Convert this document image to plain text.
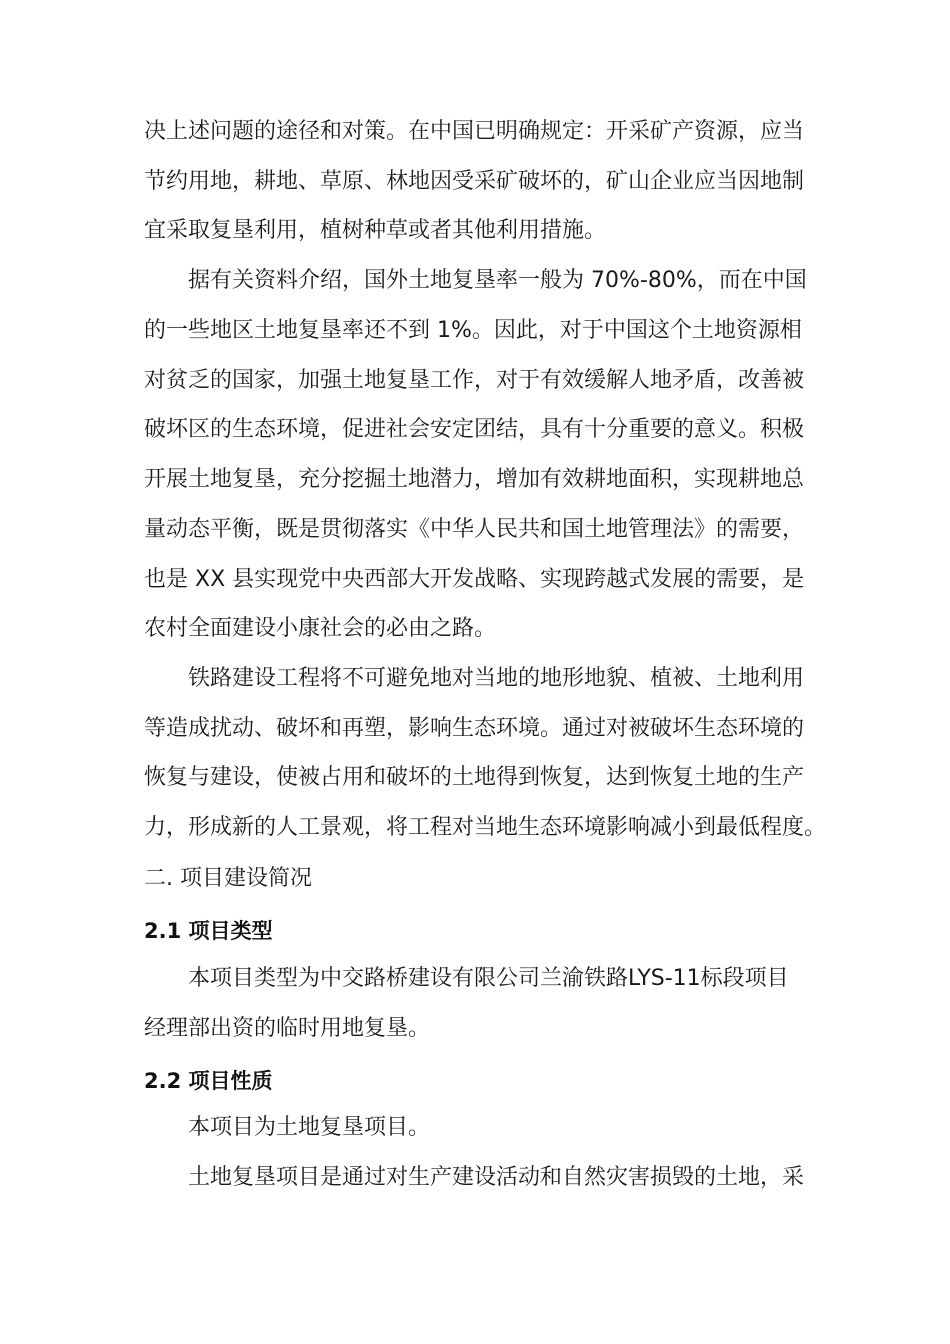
决上述问题的途径和对策。在中国已明确规定：开采矿产资源，应当
节约用地，耕地、草原、林地因受采矿破坏的，矿山企业应当因地制
宜采取复垦利用，植树种草或者其他利用措施。
据有关资料介绍，国外土地复垦率一般为 70%-80%，而在中国
的一些地区土地复垦率还不到 1%。因此，对于中国这个土地资源相
对贫乏的国家，加强土地复垦工作，对于有效缓解人地矛盾，改善被
破坏区的生态环境，促进社会安定团结，具有十分重要的意义。积极
开展土地复垦，充分挖掘土地潜力，增加有效耕地面积，实现耕地总
量动态平衡，既是贯彻落实《中华人民共和国土地管理法》的需要，
也是 XX 县实现党中央西部大开发战略、实现跨越式发展的需要，是
农村全面建设小康社会的必由之路。
铁路建设工程将不可避免地对当地的地形地貌、植被、土地利用
等造成扰动、破坏和再塑，影响生态环境。通过对被破坏生态环境的
恢复与建设，使被占用和破坏的土地得到恢复，达到恢复土地的生产
力，形成新的人工景观，将工程对当地生态环境影响减小到最低程度。
二. 项目建设简况
2.1 项目类型
本项目类型为中交路桥建设有限公司兰渝铁路LYS-11标段项目
经理部出资的临时用地复垦。
2.2 项目性质
本项目为土地复垦项目。
土地复垦项目是通过对生产建设活动和自然灾害损毁的土地，采
